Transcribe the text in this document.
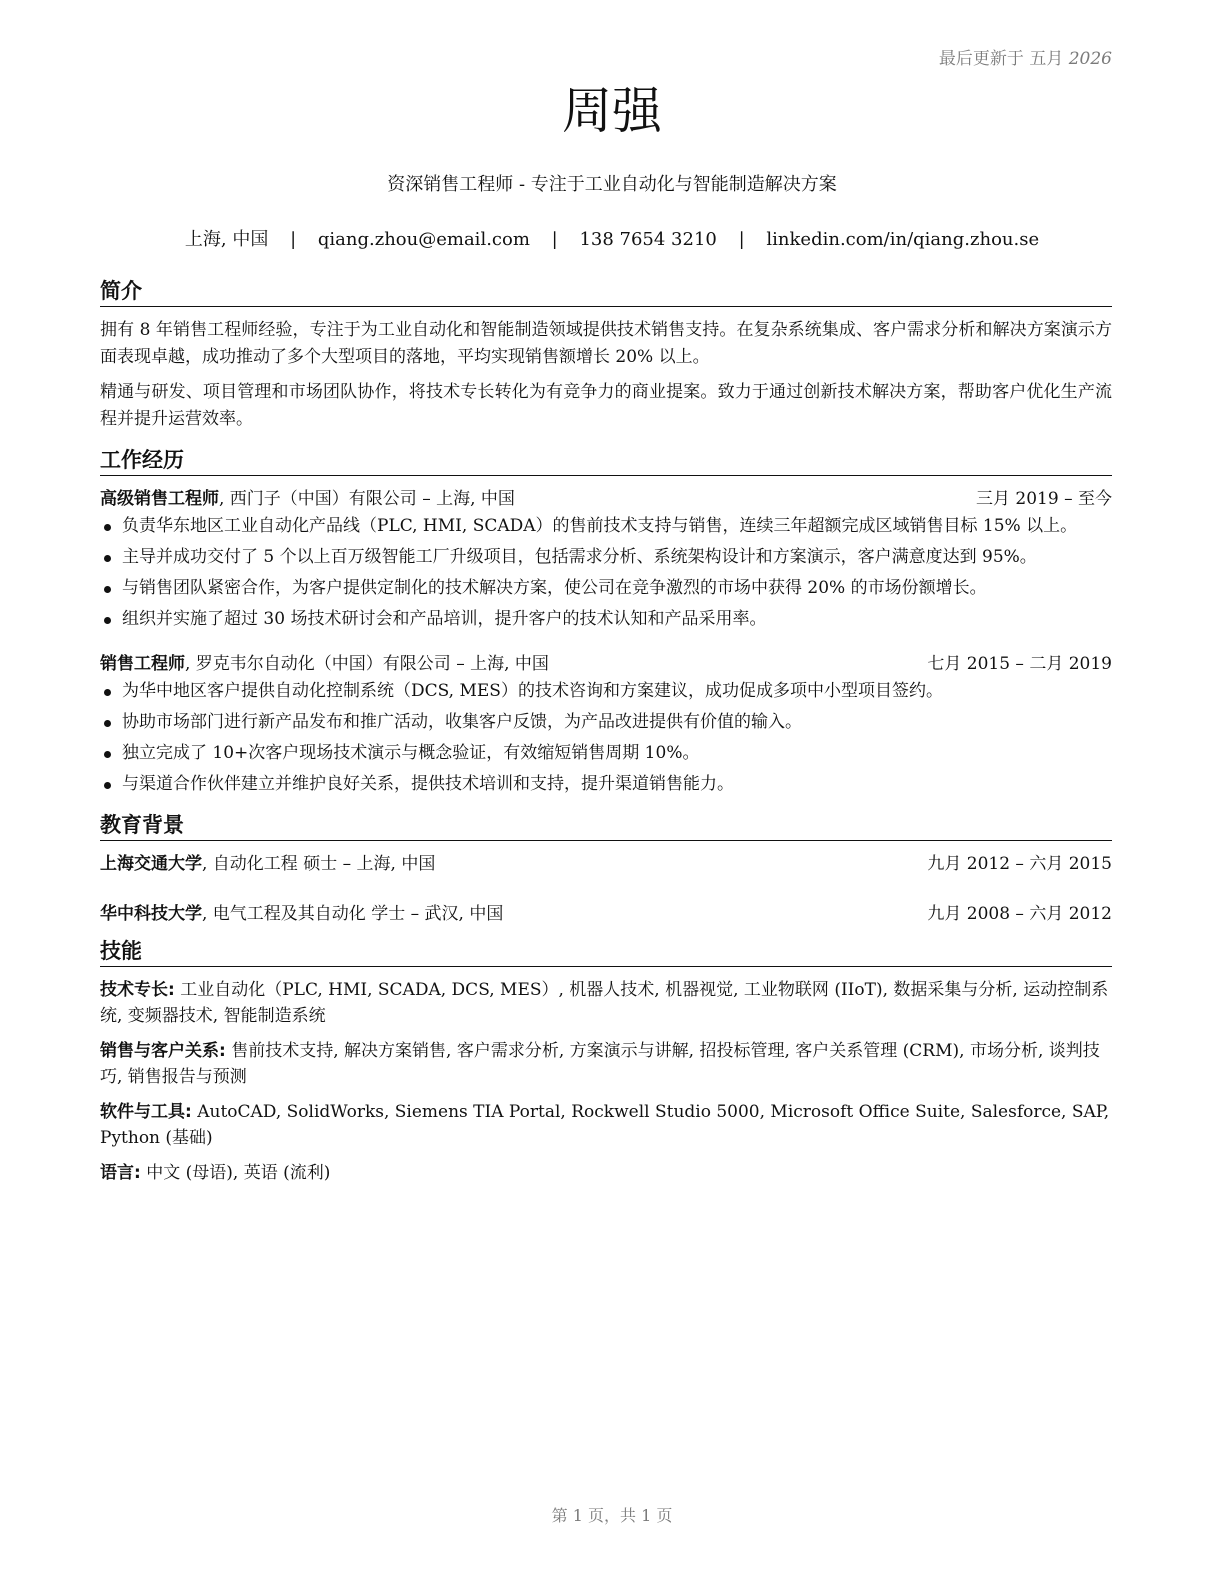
最后更新于 五月 2026
周强
资深销售工程师 - 专注于工业自动化与智能制造解决方案
上海, 中国 | qiang.zhou@email.com | 138 7654 3210 | linkedin.com/in/qiang.zhou.se
简介

拥有 8 年销售工程师经验，专注于为工业自动化和智能制造领域提供技术销售支持。在复杂系统集成、客户需求分析和解决方案演示方面表现卓越，成功推动了多个大型项目的落地，平均实现销售额增长 20% 以上。

精通与研发、项目管理和市场团队协作，将技术专长转化为有竞争力的商业提案。致力于通过创新技术解决方案，帮助客户优化生产流程并提升运营效率。

工作经历
高级销售工程师, 西门子（中国）有限公司 – 上海, 中国	三月 2019 – 至今
负责华东地区工业自动化产品线（PLC, HMI, SCADA）的售前技术支持与销售，连续三年超额完成区域销售目标 15% 以上。
主导并成功交付了 5 个以上百万级智能工厂升级项目，包括需求分析、系统架构设计和方案演示，客户满意度达到 95%。
与销售团队紧密合作，为客户提供定制化的技术解决方案，使公司在竞争激烈的市场中获得 20% 的市场份额增长。
组织并实施了超过 30 场技术研讨会和产品培训，提升客户的技术认知和产品采用率。
销售工程师, 罗克韦尔自动化（中国）有限公司 – 上海, 中国	七月 2015 – 二月 2019
为华中地区客户提供自动化控制系统（DCS, MES）的技术咨询和方案建议，成功促成多项中小型项目签约。
协助市场部门进行新产品发布和推广活动，收集客户反馈，为产品改进提供有价值的输入。
独立完成了 10+次客户现场技术演示与概念验证，有效缩短销售周期 10%。
与渠道合作伙伴建立并维护良好关系，提供技术培训和支持，提升渠道销售能力。
教育背景
上海交通大学, 自动化工程 硕士 – 上海, 中国	九月 2012 – 六月 2015
华中科技大学, 电气工程及其自动化 学士 – 武汉, 中国	九月 2008 – 六月 2012
技能

技术专长: 工业自动化（PLC, HMI, SCADA, DCS, MES）, 机器人技术, 机器视觉, 工业物联网 (IIoT), 数据采集与分析, 运动控制系统, 变频器技术, 智能制造系统

销售与客户关系: 售前技术支持, 解决方案销售, 客户需求分析, 方案演示与讲解, 招投标管理, 客户关系管理 (CRM), 市场分析, 谈判技巧, 销售报告与预测

软件与工具: AutoCAD, SolidWorks, Siemens TIA Portal, Rockwell Studio 5000, Microsoft Office Suite, Salesforce, SAP, Python (基础)

语言: 中文 (母语), 英语 (流利)

第 1 页，共 1 页
